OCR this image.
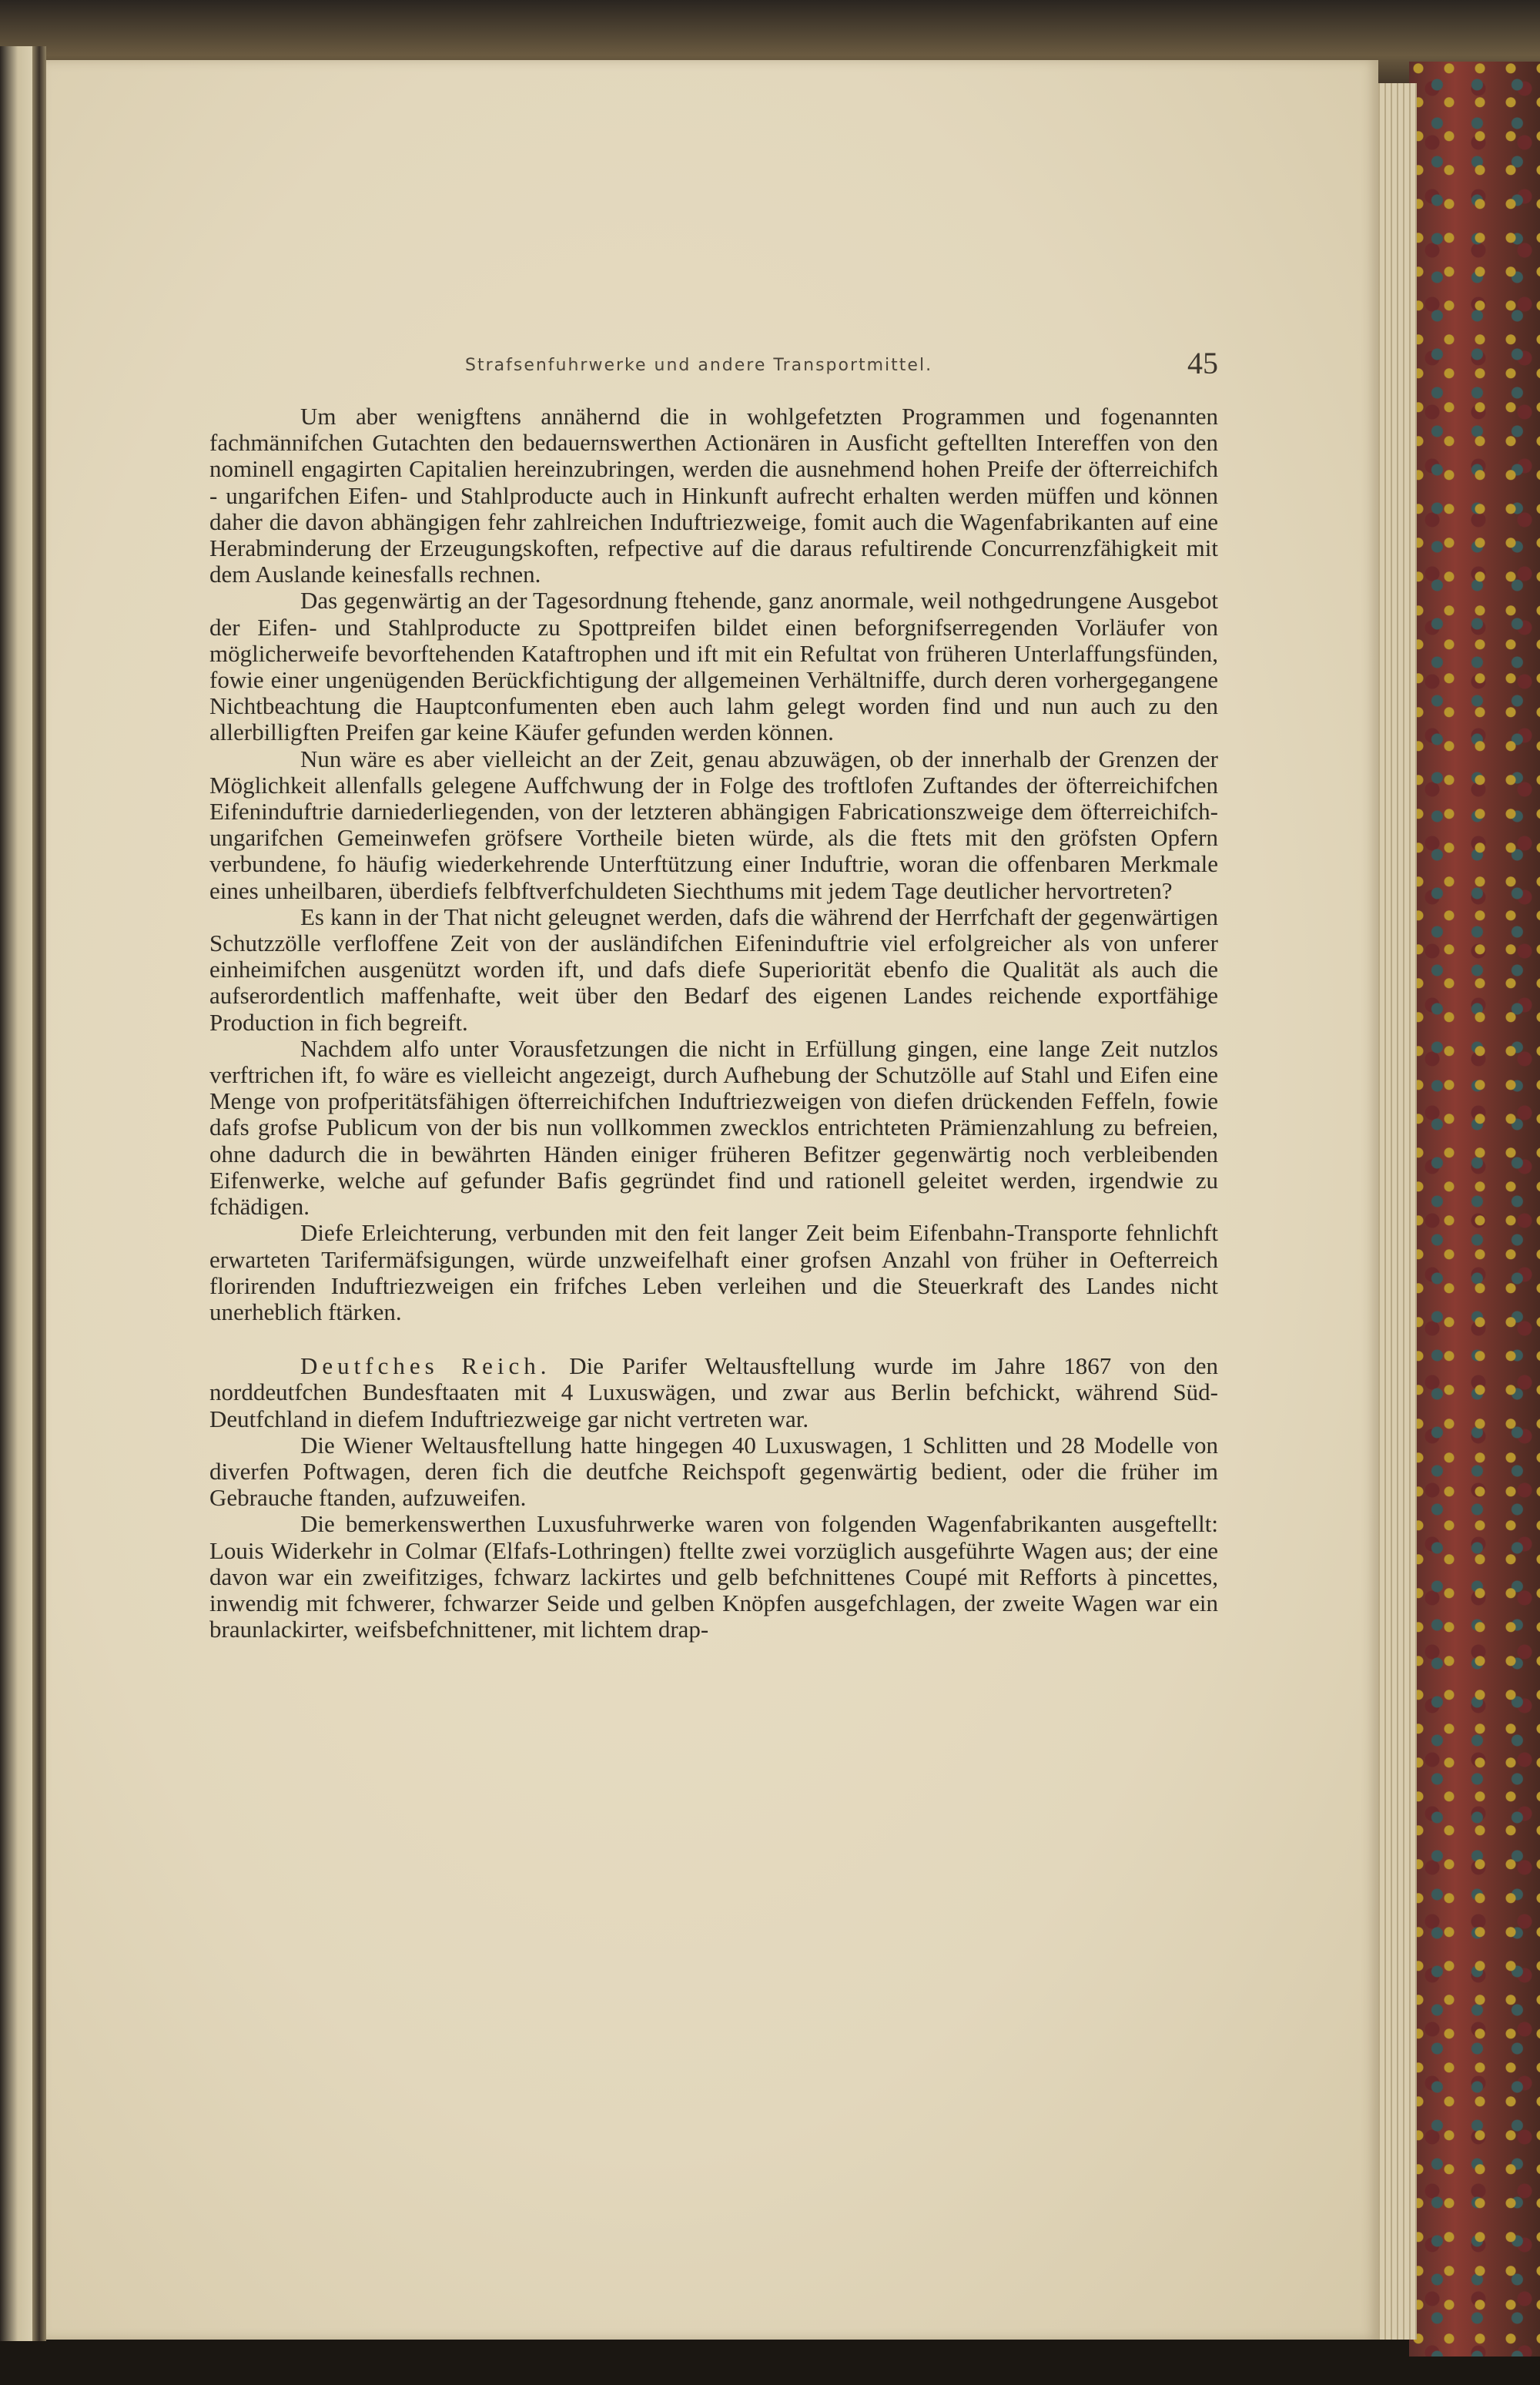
Strafsenfuhrwerke und andere Transportmittel.	45

Um aber wenigftens annähernd die in wohlgefetzten Programmen und fogenannten fachmännifchen Gutachten den bedauernswerthen Actionären in Ausficht geftellten Intereffen von den nominell engagirten Capitalien hereinzubringen, werden die ausnehmend hohen Preife der öfterreichifch - ungarifchen Eifen- und Stahlproducte auch in Hinkunft aufrecht erhalten werden müffen und können daher die davon abhängigen fehr zahlreichen Induftriezweige, fomit auch die Wagenfabrikanten auf eine Herabminderung der Erzeugungskoften, refpective auf die daraus refultirende Concurrenzfähigkeit mit dem Auslande keinesfalls rechnen.

Das gegenwärtig an der Tagesordnung ftehende, ganz anormale, weil nothgedrungene Ausgebot der Eifen- und Stahlproducte zu Spottpreifen bildet einen beforgnifserregenden Vorläufer von möglicherweife bevorftehenden Kataftrophen und ift mit ein Refultat von früheren Unterlaffungsfünden, fowie einer ungenügenden Berückfichtigung der allgemeinen Verhältniffe, durch deren vorhergegangene Nichtbeachtung die Hauptconfumenten eben auch lahm gelegt worden find und nun auch zu den allerbilligften Preifen gar keine Käufer gefunden werden können.

Nun wäre es aber vielleicht an der Zeit, genau abzuwägen, ob der innerhalb der Grenzen der Möglichkeit allenfalls gelegene Auffchwung der in Folge des troftlofen Zuftandes der öfterreichifchen Eifeninduftrie darniederliegenden, von der letzteren abhängigen Fabricationszweige dem öfterreichifch-ungarifchen Gemeinwefen gröfsere Vortheile bieten würde, als die ftets mit den gröfsten Opfern verbundene, fo häufig wiederkehrende Unterftützung einer Induftrie, woran die offenbaren Merkmale eines unheilbaren, überdiefs felbftverfchuldeten Siechthums mit jedem Tage deutlicher hervortreten?

Es kann in der That nicht geleugnet werden, dafs die während der Herrfchaft der gegenwärtigen Schutzzölle verfloffene Zeit von der ausländifchen Eifeninduftrie viel erfolgreicher als von unferer einheimifchen ausgenützt worden ift, und dafs diefe Superiorität ebenfo die Qualität als auch die aufserordentlich maffenhafte, weit über den Bedarf des eigenen Landes reichende exportfähige Production in fich begreift.

Nachdem alfo unter Vorausfetzungen die nicht in Erfüllung gingen, eine lange Zeit nutzlos verftrichen ift, fo wäre es vielleicht angezeigt, durch Aufhebung der Schutzölle auf Stahl und Eifen eine Menge von profperitätsfähigen öfterreichifchen Induftriezweigen von diefen drückenden Feffeln, fowie dafs grofse Publicum von der bis nun vollkommen zwecklos entrichteten Prämienzahlung zu befreien, ohne dadurch die in bewährten Händen einiger früheren Befitzer gegenwärtig noch verbleibenden Eifenwerke, welche auf gefunder Bafis gegründet find und rationell geleitet werden, irgendwie zu fchädigen.

Diefe Erleichterung, verbunden mit den feit langer Zeit beim Eifenbahn-Transporte fehnlichft erwarteten Tarifermäfsigungen, würde unzweifelhaft einer grofsen Anzahl von früher in Oefterreich florirenden Induftriezweigen ein frifches Leben verleihen und die Steuerkraft des Landes nicht unerheblich ftärken.

Deutfches Reich. Die Parifer Weltausftellung wurde im Jahre 1867 von den norddeutfchen Bundesftaaten mit 4 Luxuswägen, und zwar aus Berlin befchickt, während Süd-Deutfchland in diefem Induftriezweige gar nicht vertreten war.

Die Wiener Weltausftellung hatte hingegen 40 Luxuswagen, 1 Schlitten und 28 Modelle von diverfen Poftwagen, deren fich die deutfche Reichspoft gegenwärtig bedient, oder die früher im Gebrauche ftanden, aufzuweifen.

Die bemerkenswerthen Luxusfuhrwerke waren von folgenden Wagenfabrikanten ausgeftellt: Louis Widerkehr in Colmar (Elfafs-Lothringen) ftellte zwei vorzüglich ausgeführte Wagen aus; der eine davon war ein zweifitziges, fchwarz lackirtes und gelb befchnittenes Coupé mit Refforts à pincettes, inwendig mit fchwerer, fchwarzer Seide und gelben Knöpfen ausgefchlagen, der zweite Wagen war ein braunlackirter, weifsbefchnittener, mit lichtem drap-
